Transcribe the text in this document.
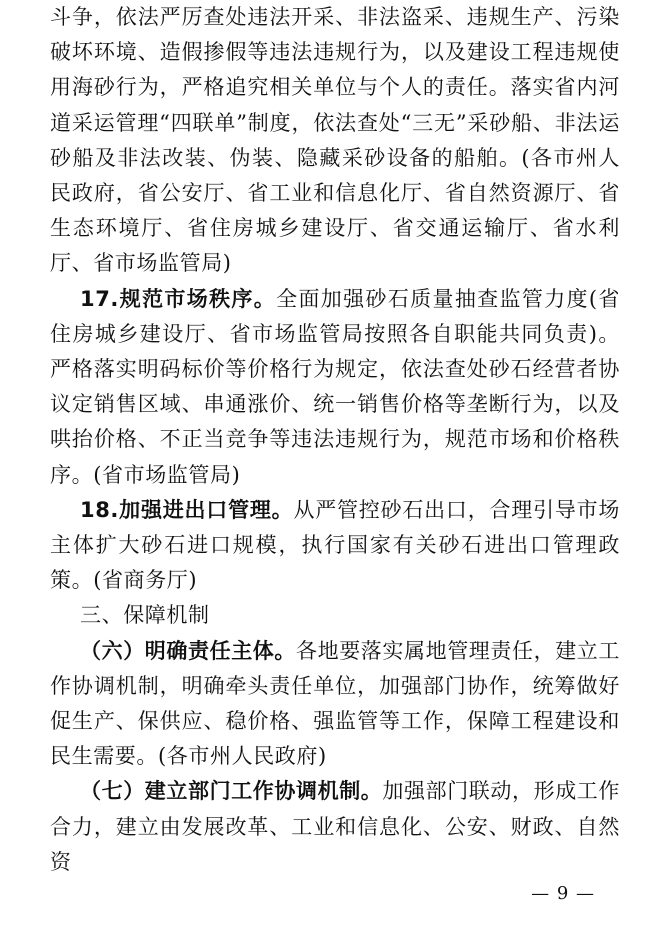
斗争，依法严厉查处违法开采、非法盗采、违规生产、污染破坏环境、造假掺假等违法违规行为，以及建设工程违规使用海砂行为，严格追究相关单位与个人的责任。落实省内河道采运管理“四联单”制度，依法查处“三无”采砂船、非法运砂船及非法改装、伪装、隐藏采砂设备的船舶。(各市州人民政府，省公安厅、省工业和信息化厅、省自然资源厅、省生态环境厅、省住房城乡建设厅、省交通运输厅、省水利厅、省市场监管局)

17.规范市场秩序。全面加强砂石质量抽查监管力度(省住房城乡建设厅、省市场监管局按照各自职能共同负责)。严格落实明码标价等价格行为规定，依法查处砂石经营者协议定销售区域、串通涨价、统一销售价格等垄断行为，以及哄抬价格、不正当竞争等违法违规行为，规范市场和价格秩序。(省市场监管局)

18.加强进出口管理。从严管控砂石出口，合理引导市场主体扩大砂石进口规模，执行国家有关砂石进出口管理政策。(省商务厅)

三、保障机制

（六）明确责任主体。各地要落实属地管理责任，建立工作协调机制，明确牵头责任单位，加强部门协作，统筹做好促生产、保供应、稳价格、强监管等工作，保障工程建设和民生需要。(各市州人民政府)

（七）建立部门工作协调机制。加强部门联动，形成工作合力，建立由发展改革、工业和信息化、公安、财政、自然资

— 9 —
